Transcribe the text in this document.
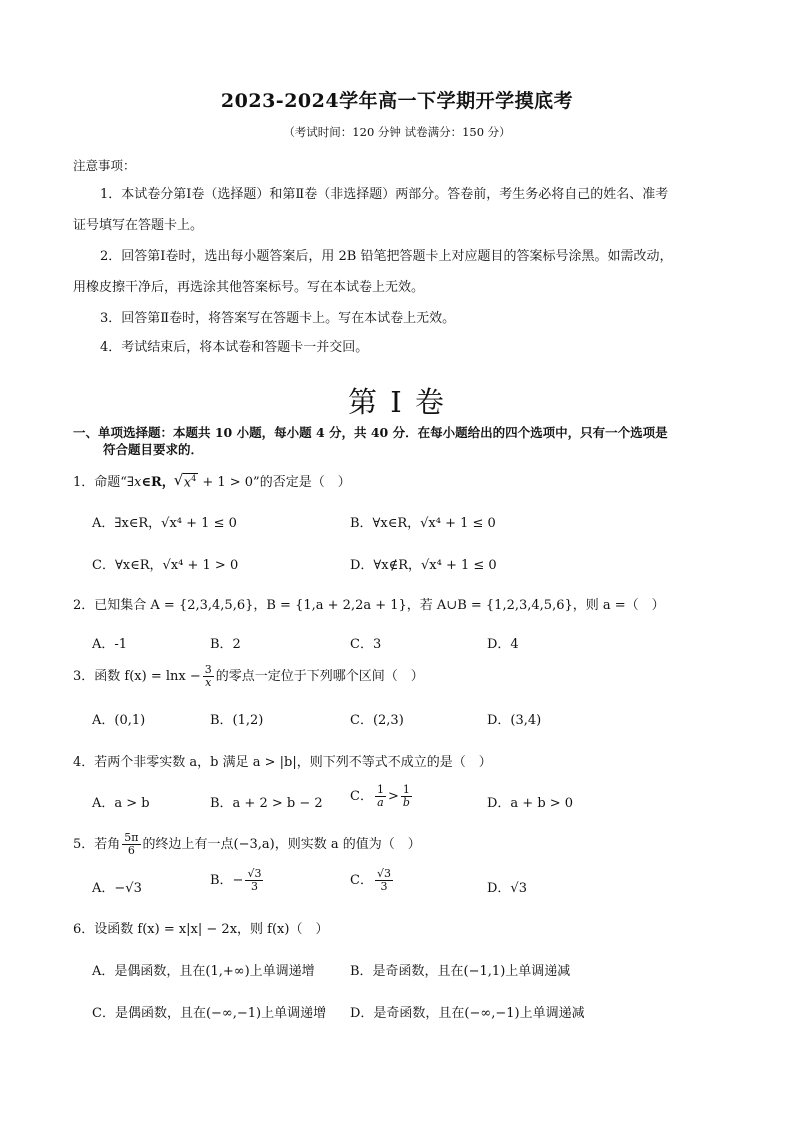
2023-2024学年高一下学期开学摸底考
（考试时间：120 分钟 试卷满分：150 分）
注意事项：
1．本试卷分第Ⅰ卷（选择题）和第Ⅱ卷（非选择题）两部分。答卷前，考生务必将自己的姓名、准考
证号填写在答题卡上。
2．回答第Ⅰ卷时，选出每小题答案后，用 2B 铅笔把答题卡上对应题目的答案标号涂黑。如需改动，
用橡皮擦干净后，再选涂其他答案标号。写在本试卷上无效。
3．回答第Ⅱ卷时，将答案写在答题卡上。写在本试卷上无效。
4．考试结束后，将本试卷和答题卡一并交回。
第 I 卷
一、单项选择题：本题共 10 小题，每小题 4 分，共 40 分．在每小题给出的四个选项中，只有一个选项是
符合题目要求的．
1．命题“∃x∈R，√ $x^4 + 1 > 0$”的否定是（　）
A．∃x∈R，√x⁴ + 1 ≤ 0	B．∀x∈R，√x⁴ + 1 ≤ 0
C．∀x∈R，√x⁴ + 1 > 0	D．∀x∉R，√x⁴ + 1 ≤ 0
2．已知集合 A = {2,3,4,5,6}，B = {1,a + 2,2a + 1}，若 A∪B = {1,2,3,4,5,6}，则 a =（　）
A．-1	B．2	C．3	D．4
3．函数 $f(x) = \ln x - \frac{3}{x}$ 的零点一定位于下列哪个区间（　）
A．(0,1)	B．(1,2)	C．(2,3)	D．(3,4)
4．若两个非零实数 a，b 满足 a > |b|，则下列不等式不成立的是（　）
A．a > b	B．a + 2 > b − 2 C． $\frac{1}{a} > \frac{1}{b}$	D．a + b > 0
5．若角 $\frac{5\pi}{6}$ 的终边上有一点(−3,a)，则实数 a 的值为（　）
A．−√3
B．− $\frac{√3}{3}$	C． $\frac{√3}{3}$	D．√3
6．设函数 f(x) = x|x| − 2x，则 f(x)（　）
A．是偶函数，且在(1,+∞)上单调递增	B．是奇函数，且在(−1,1)上单调递减
C．是偶函数，且在(−∞,−1)上单调递增 D．是奇函数，且在(−∞,−1)上单调递减
